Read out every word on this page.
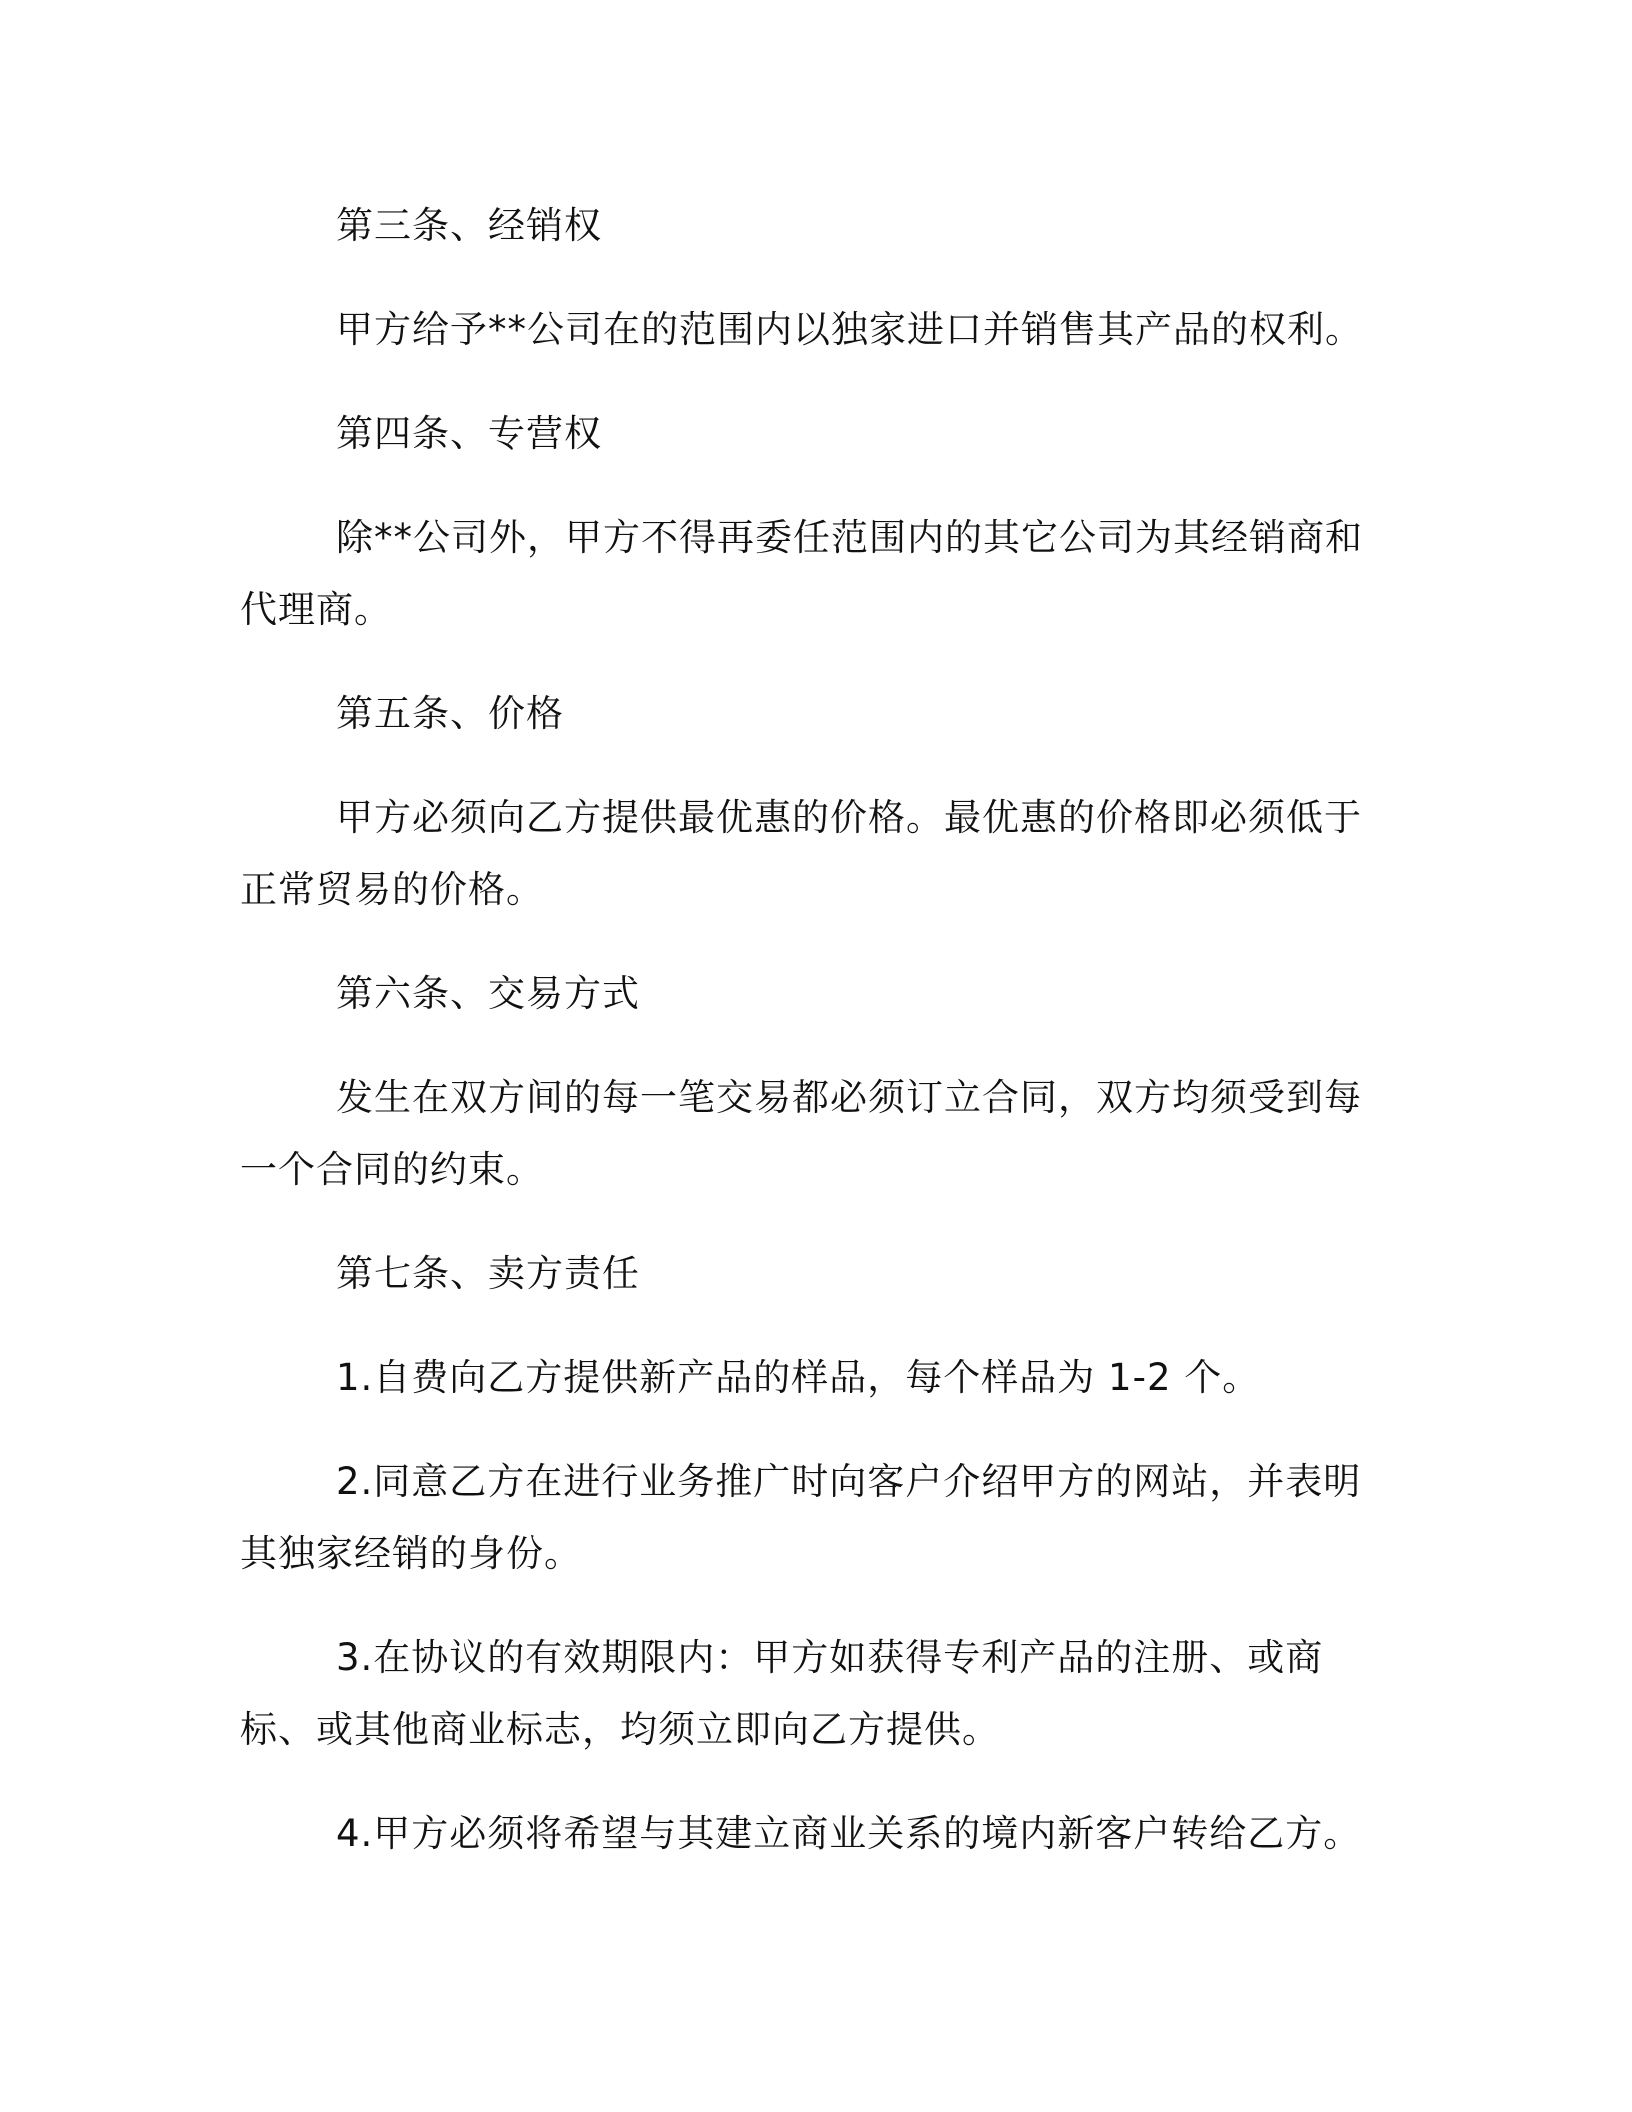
第三条、经销权

甲方给予**公司在的范围内以独家进口并销售其产品的权利。

第四条、专营权

除**公司外，甲方不得再委任范围内的其它公司为其经销商和代理商。

第五条、价格

甲方必须向乙方提供最优惠的价格。最优惠的价格即必须低于正常贸易的价格。

第六条、交易方式

发生在双方间的每一笔交易都必须订立合同，双方均须受到每一个合同的约束。

第七条、卖方责任

1.自费向乙方提供新产品的样品，每个样品为 1-2 个。

2.同意乙方在进行业务推广时向客户介绍甲方的网站，并表明其独家经销的身份。

3.在协议的有效期限内：甲方如获得专利产品的注册、或商标、或其他商业标志，均须立即向乙方提供。

4.甲方必须将希望与其建立商业关系的境内新客户转给乙方。
